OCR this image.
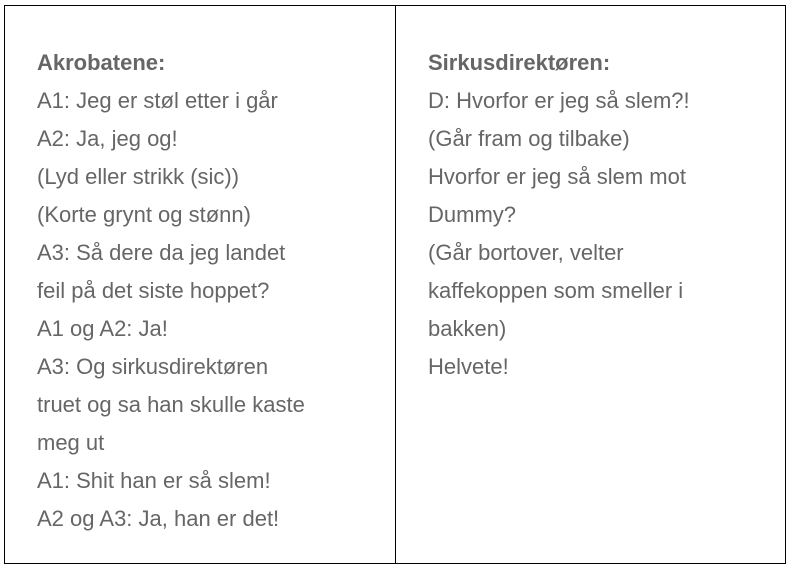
Akrobatene:
A1: Jeg er støl etter i går
A2: Ja, jeg og!
(Lyd eller strikk (sic))
(Korte grynt og stønn)
A3: Så dere da jeg landet
feil på det siste hoppet?
A1 og A2: Ja!
A3: Og sirkusdirektøren
truet og sa han skulle kaste
meg ut
A1: Shit han er så slem!
A2 og A3: Ja, han er det!
Sirkusdirektøren:
D: Hvorfor er jeg så slem?!
(Går fram og tilbake)
Hvorfor er jeg så slem mot
Dummy?
(Går bortover, velter
kaffekoppen som smeller i
bakken)
Helvete!
